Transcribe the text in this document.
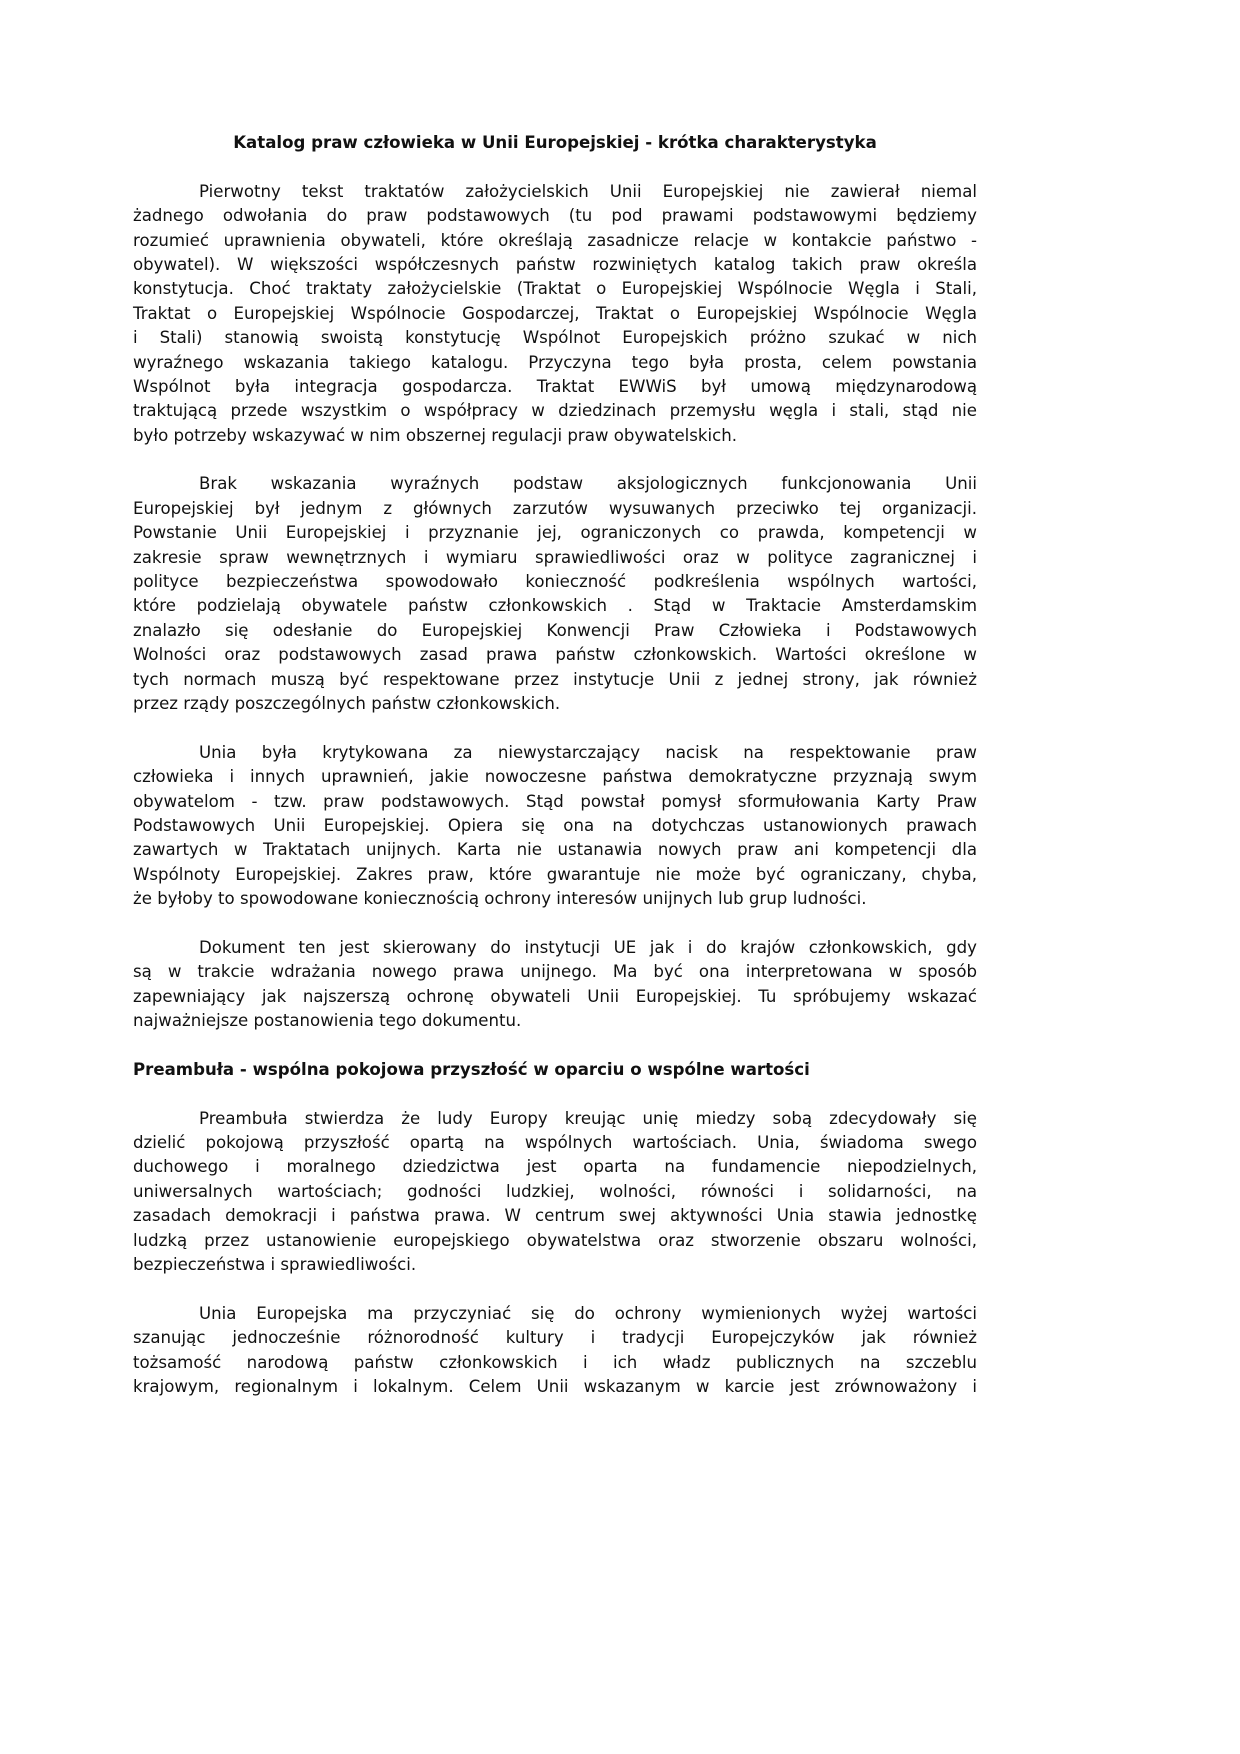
Katalog praw człowieka w Unii Europejskiej - krótka charakterystyka
Pierwotny tekst traktatów założycielskich Unii Europejskiej nie zawierał niemal
żadnego odwołania do praw podstawowych (tu pod prawami podstawowymi będziemy
rozumieć uprawnienia obywateli, które określają zasadnicze relacje w kontakcie państwo -
obywatel). W większości współczesnych państw rozwiniętych katalog takich praw określa
konstytucja. Choć traktaty założycielskie (Traktat o Europejskiej Wspólnocie Węgla i Stali,
Traktat o Europejskiej Wspólnocie Gospodarczej, Traktat o Europejskiej Wspólnocie Węgla
i Stali) stanowią swoistą konstytucję Wspólnot Europejskich próżno szukać w nich
wyraźnego wskazania takiego katalogu. Przyczyna tego była prosta, celem powstania
Wspólnot była integracja gospodarcza. Traktat EWWiS był umową międzynarodową
traktującą przede wszystkim o współpracy w dziedzinach przemysłu węgla i stali, stąd nie
było potrzeby wskazywać w nim obszernej regulacji praw obywatelskich.
Brak wskazania wyraźnych podstaw aksjologicznych funkcjonowania Unii
Europejskiej był jednym z głównych zarzutów wysuwanych przeciwko tej organizacji.
Powstanie Unii Europejskiej i przyznanie jej, ograniczonych co prawda, kompetencji w
zakresie spraw wewnętrznych i wymiaru sprawiedliwości oraz w polityce zagranicznej i
polityce bezpieczeństwa spowodowało konieczność podkreślenia wspólnych wartości,
które podzielają obywatele państw członkowskich . Stąd w Traktacie Amsterdamskim
znalazło się odesłanie do Europejskiej Konwencji Praw Człowieka i Podstawowych
Wolności oraz podstawowych zasad prawa państw członkowskich. Wartości określone w
tych normach muszą być respektowane przez instytucje Unii z jednej strony, jak również
przez rządy poszczególnych państw członkowskich.
Unia była krytykowana za niewystarczający nacisk na respektowanie praw
człowieka i innych uprawnień, jakie nowoczesne państwa demokratyczne przyznają swym
obywatelom - tzw. praw podstawowych. Stąd powstał pomysł sformułowania Karty Praw
Podstawowych Unii Europejskiej. Opiera się ona na dotychczas ustanowionych prawach
zawartych w Traktatach unijnych. Karta nie ustanawia nowych praw ani kompetencji dla
Wspólnoty Europejskiej. Zakres praw, które gwarantuje nie może być ograniczany, chyba,
że byłoby to spowodowane koniecznością ochrony interesów unijnych lub grup ludności.
Dokument ten jest skierowany do instytucji UE jak i do krajów członkowskich, gdy
są w trakcie wdrażania nowego prawa unijnego. Ma być ona interpretowana w sposób
zapewniający jak najszerszą ochronę obywateli Unii Europejskiej. Tu spróbujemy wskazać
najważniejsze postanowienia tego dokumentu.
Preambuła - wspólna pokojowa przyszłość w oparciu o wspólne wartości
Preambuła stwierdza że ludy Europy kreując unię miedzy sobą zdecydowały się
dzielić pokojową przyszłość opartą na wspólnych wartościach. Unia, świadoma swego
duchowego i moralnego dziedzictwa jest oparta na fundamencie niepodzielnych,
uniwersalnych wartościach; godności ludzkiej, wolności, równości i solidarności, na
zasadach demokracji i państwa prawa. W centrum swej aktywności Unia stawia jednostkę
ludzką przez ustanowienie europejskiego obywatelstwa oraz stworzenie obszaru wolności,
bezpieczeństwa i sprawiedliwości.
Unia Europejska ma przyczyniać się do ochrony wymienionych wyżej wartości
szanując jednocześnie różnorodność kultury i tradycji Europejczyków jak również
tożsamość narodową państw członkowskich i ich władz publicznych na szczeblu
krajowym, regionalnym i lokalnym. Celem Unii wskazanym w karcie jest zrównoważony i
